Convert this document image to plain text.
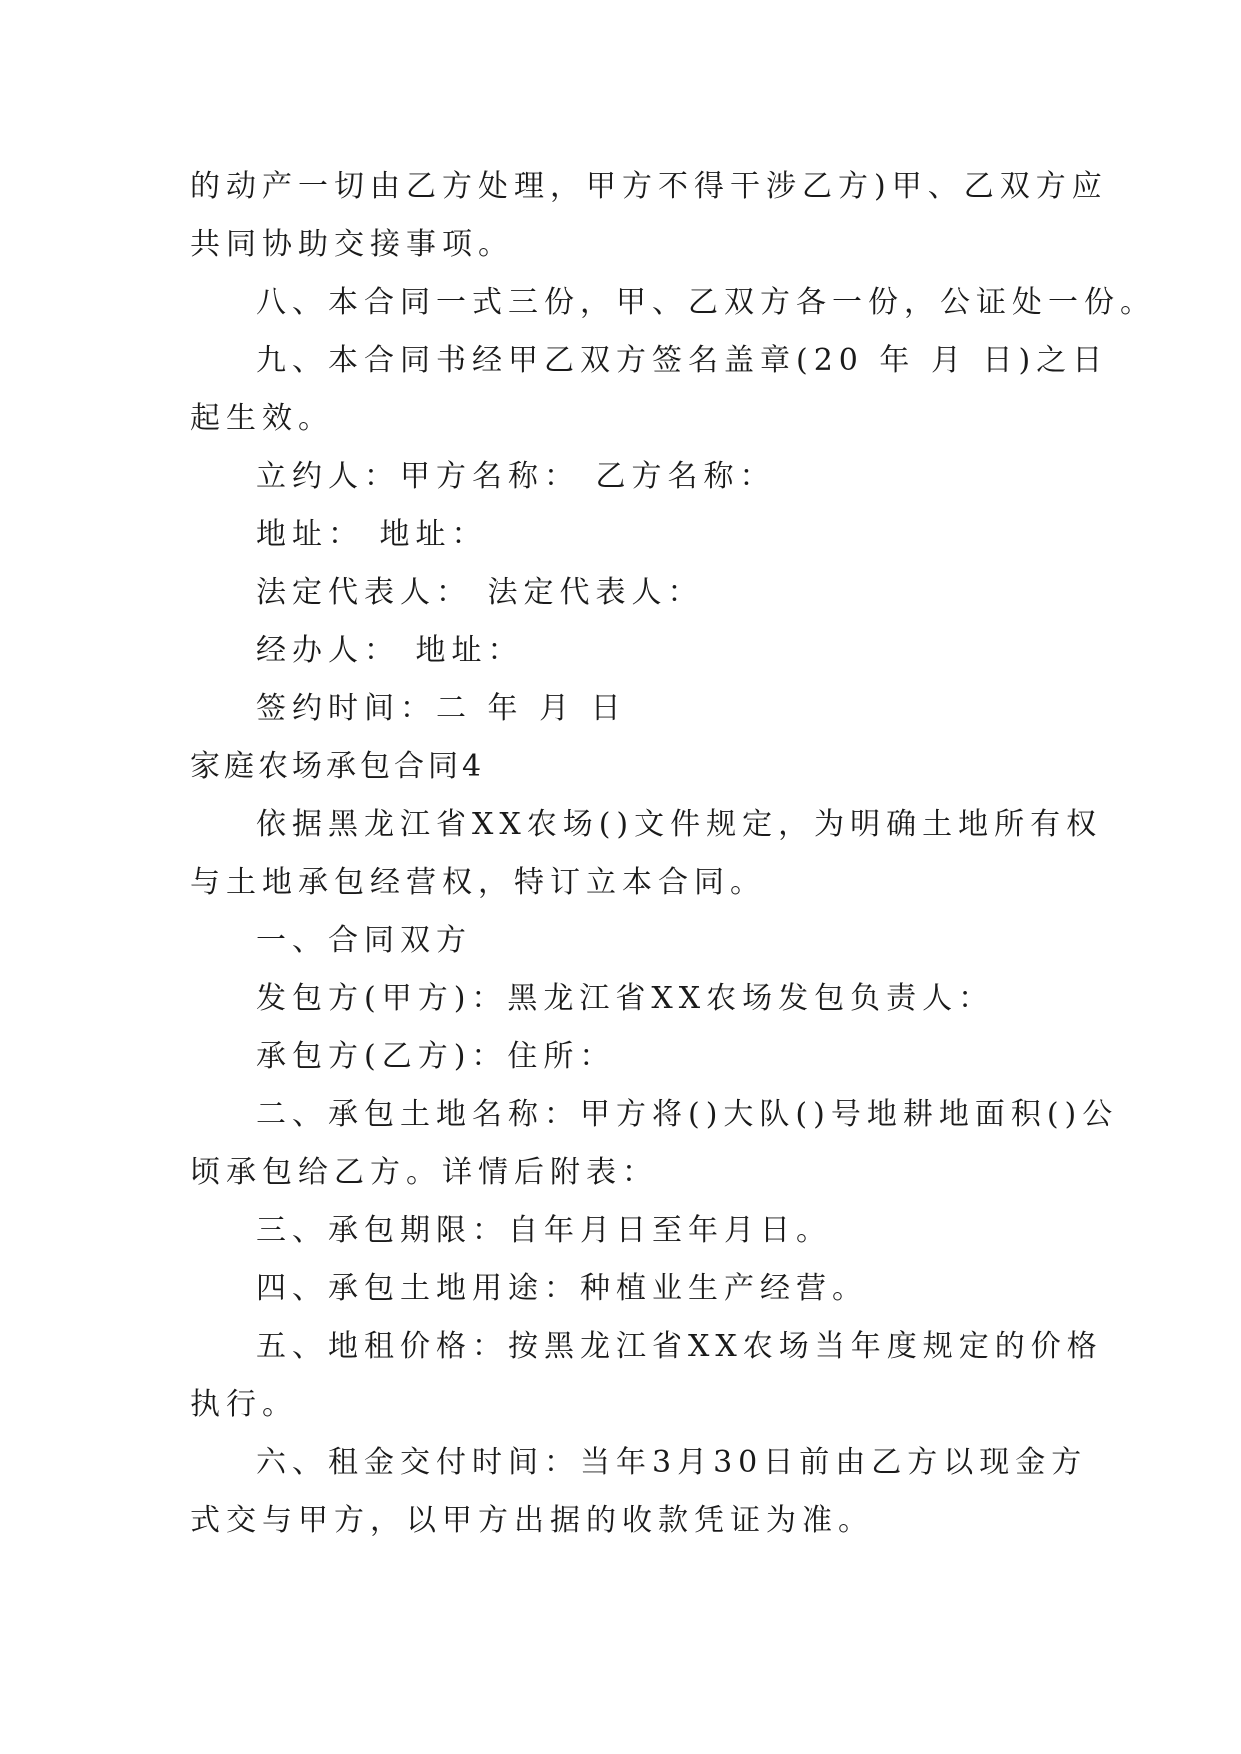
的动产一切由乙方处理，甲方不得干涉乙方)甲、乙双方应
共同协助交接事项。
八、本合同一式三份，甲、乙双方各一份，公证处一份。
九、本合同书经甲乙双方签名盖章(20 年 月 日)之日
起生效。
立约人：甲方名称： 乙方名称：
地址： 地址：
法定代表人： 法定代表人：
经办人： 地址：
签约时间：二 年 月 日
家庭农场承包合同4
依据黑龙江省XX农场()文件规定，为明确土地所有权
与土地承包经营权，特订立本合同。
一、合同双方
发包方(甲方)：黑龙江省XX农场发包负责人：
承包方(乙方)：住所：
二、承包土地名称：甲方将()大队()号地耕地面积()公
顷承包给乙方。详情后附表：
三、承包期限：自年月日至年月日。
四、承包土地用途：种植业生产经营。
五、地租价格：按黑龙江省XX农场当年度规定的价格
执行。
六、租金交付时间：当年3月30日前由乙方以现金方
式交与甲方，以甲方出据的收款凭证为准。
